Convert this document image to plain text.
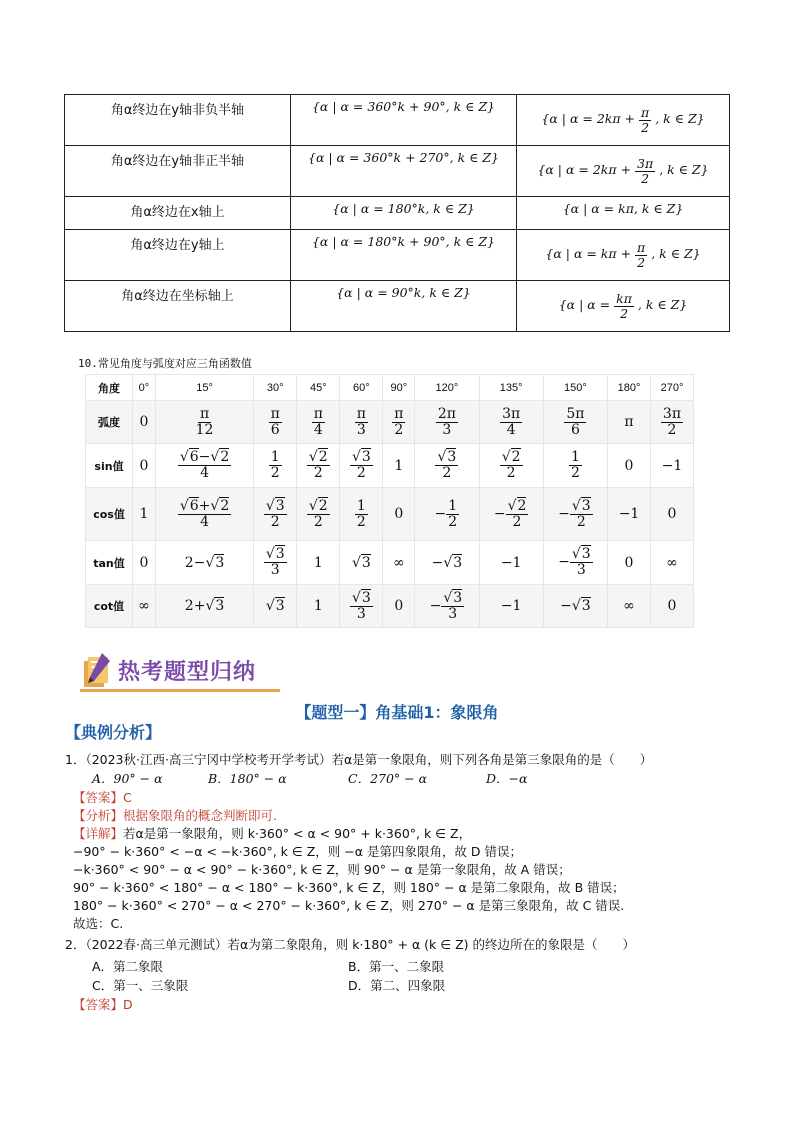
角α终边在y轴非负半轴	{α | α = 360°k + 90°, k ∈ Z}	{α | $\alpha = 2k\pi + \frac{\pi}{2}$ , k ∈ Z}
角α终边在y轴非正半轴	{α | α = 360°k + 270°, k ∈ Z}	{α | $\alpha = 2k\pi + \frac{3\pi}{2}$ , k ∈ Z}
角α终边在x轴上	{α | α = 180°k, k ∈ Z}	{α | α = kπ, k ∈ Z}
角α终边在y轴上	{α | α = 180°k + 90°, k ∈ Z}	{α | $\alpha = k\pi + \frac{\pi}{2}$ , k ∈ Z}
角α终边在坐标轴上	{α | α = 90°k, k ∈ Z}	{α | $\alpha = \frac{k\pi}{2}$ , k ∈ Z}
10.常见角度与弧度对应三角函数值
角度	0°	15°	30°	45°	60°	90°	120°	135°	150°	180°	270°
弧度	0	$\frac{\pi}{12}$	$\frac{\pi}{6}$	$\frac{\pi}{4}$	$\frac{\pi}{3}$	$\frac{\pi}{2}$	$\frac{2\pi}{3}$	$\frac{3\pi}{4}$	$\frac{5\pi}{6}$	π	$\frac{3\pi}{2}$

sin值	0	$\frac{√6-√2}{4}$	$\frac{1}{2}$	$\frac{√2}{2}$	$\frac{√3}{2}$	1	$\frac{√3}{2}$	$\frac{√2}{2}$	$\frac{1}{2}$	0	−1
cos值	1	$\frac{√6+√2}{4}$	$\frac{√3}{2}$	$\frac{√2}{2}$	$\frac{1}{2}$	0	− $\frac{1}{2}$	− $\frac{√2}{2}$	− $\frac{√3}{2}$	−1	0
tan值	0	2−√3	$\frac{√3}{3}$	1	√3	∞	−√3	−1	− $\frac{√3}{3}$	0	∞
cot值	∞	2+√3	√3	1	$\frac{√3}{3}$	0	− $\frac{√3}{3}$	−1	−√3	∞	0
热考题型归纳
【题型一】角基础1：象限角
【典例分析】
1．（2023秋·江西·高三宁冈中学校考开学考试）若α是第一象限角，则下列各角是第三象限角的是（　　）
A．90° − α	B．180° − α	C．270° − α	D．−α
【答案】C
【分析】根据象限角的概念判断即可.
【详解】若α是第一象限角，则 k·360° < α < 90° + k·360°, k ∈ Z，
−90° − k·360° < −α < −k·360°, k ∈ Z，则 −α 是第四象限角，故 D 错误；
−k·360° < 90° − α < 90° − k·360°, k ∈ Z，则 90° − α 是第一象限角，故 A 错误；
90° − k·360° < 180° − α < 180° − k·360°, k ∈ Z，则 180° − α 是第二象限角，故 B 错误；
180° − k·360° < 270° − α < 270° − k·360°, k ∈ Z，则 270° − α 是第三象限角，故 C 错误.
故选：C.
2．（2022春·高三单元测试）若α为第二象限角，则 k·180° + α (k ∈ Z) 的终边所在的象限是（　　）
A．第二象限	B．第一、二象限
C．第一、三象限	D．第二、四象限
【答案】D
